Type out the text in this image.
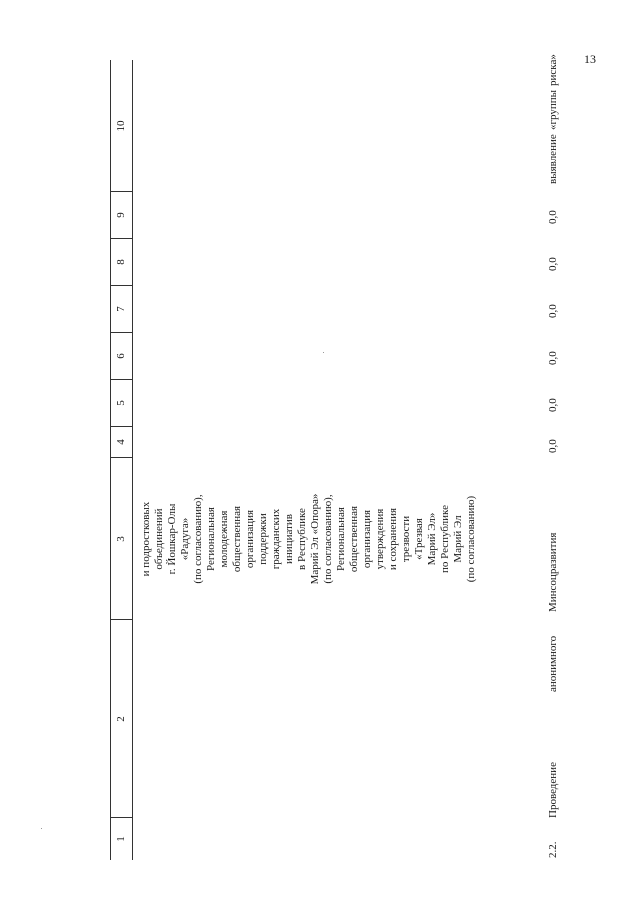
13
1
2
3
4
5
6
7
8
9
10
и подростковых объединений г. Йошкар-Олы «Радуга» (по согласованию), Региональная молодежная общественная организация поддержки гражданских инициатив в Республике Марий Эл «Опора» (по согласованию), Региональная общественная организация утверждения и сохранения трезвости «Трезвая Марий Эл» по Республике Марий Эл (по согласованию)
2.2.
Проведение
анонимного
Минсоцразвития
0,0
0,0
0,0
0,0
0,0
0,0
выявление
«группы
риска»
